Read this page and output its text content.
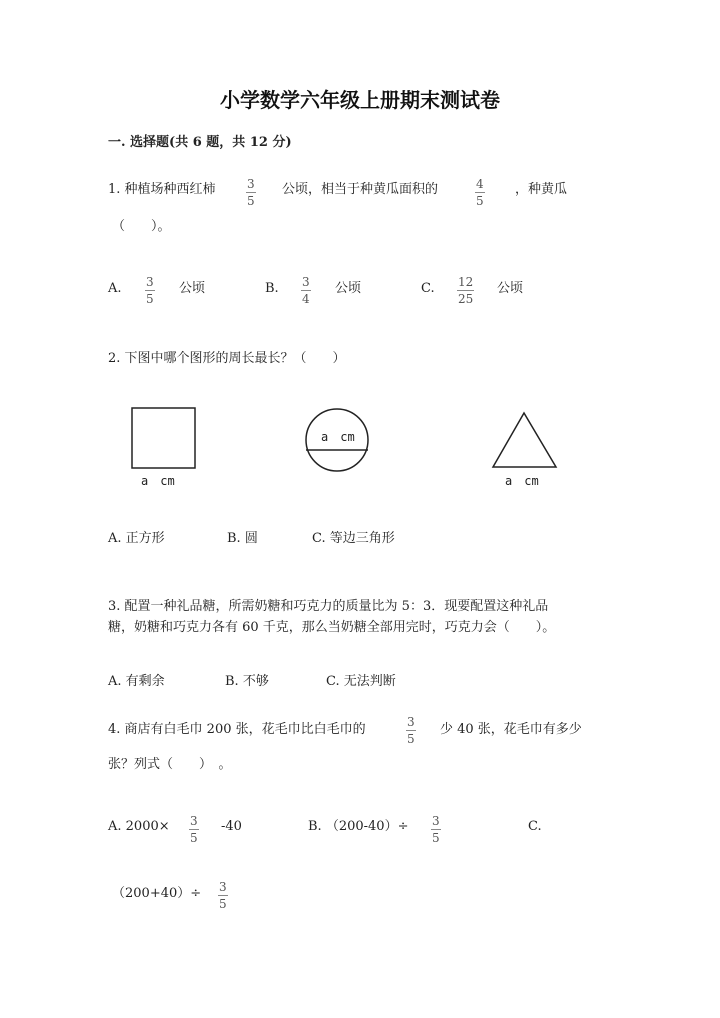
小学数学六年级上册期末测试卷
一. 选择题(共 6 题，共 12 分)
1. 种植场种西红柿	3
5
公顷，相当于种黄瓜面积的	4
5
，种黄瓜
（　　）。
A. 3
5
公顷	B. 3
4
公顷	C. 12
25
公顷
2. 下图中哪个图形的周长最长？（　　）
a　cm
a　cm
a　cm
A. 正方形	B. 圆	C. 等边三角形
3. 配置一种礼品糖，所需奶糖和巧克力的质量比为 5：3．现要配置这种礼品
糖，奶糖和巧克力各有 60 千克，那么当奶糖全部用完时，巧克力会（　　）。
A. 有剩余	B. 不够	C. 无法判断
4. 商店有白毛巾 200 张，花毛巾比白毛巾的	3
5
少 40 张，花毛巾有多少
张？列式（　　）　。
A. 2000× 3
5
-40	B. （200-40）÷ 3
5
C.
（200+40）÷ 3
5
